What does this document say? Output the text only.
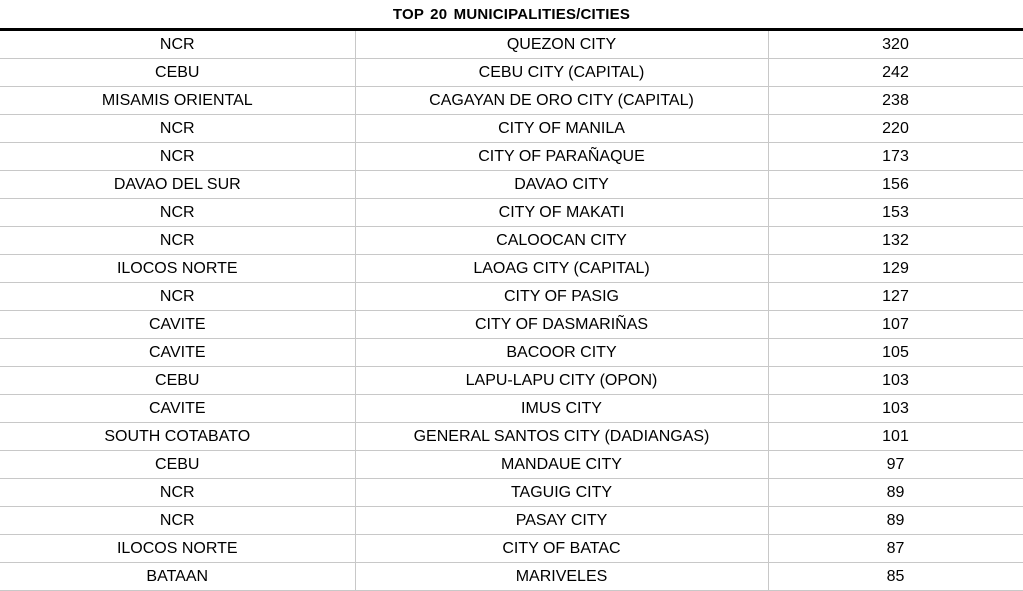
TOP 20 MUNICIPALITIES/CITIES
NCR	QUEZON CITY	320
CEBU	CEBU CITY (CAPITAL)	242
MISAMIS ORIENTAL	CAGAYAN DE ORO CITY (CAPITAL)	238
NCR	CITY OF MANILA	220
NCR	CITY OF PARAÑAQUE	173
DAVAO DEL SUR	DAVAO CITY	156
NCR	CITY OF MAKATI	153
NCR	CALOOCAN CITY	132
ILOCOS NORTE	LAOAG CITY (CAPITAL)	129
NCR	CITY OF PASIG	127
CAVITE	CITY OF DASMARIÑAS	107
CAVITE	BACOOR CITY	105
CEBU	LAPU-LAPU CITY (OPON)	103
CAVITE	IMUS CITY	103
SOUTH COTABATO	GENERAL SANTOS CITY (DADIANGAS)	101
CEBU	MANDAUE CITY	97
NCR	TAGUIG CITY	89
NCR	PASAY CITY	89
ILOCOS NORTE	CITY OF BATAC	87
BATAAN	MARIVELES	85
